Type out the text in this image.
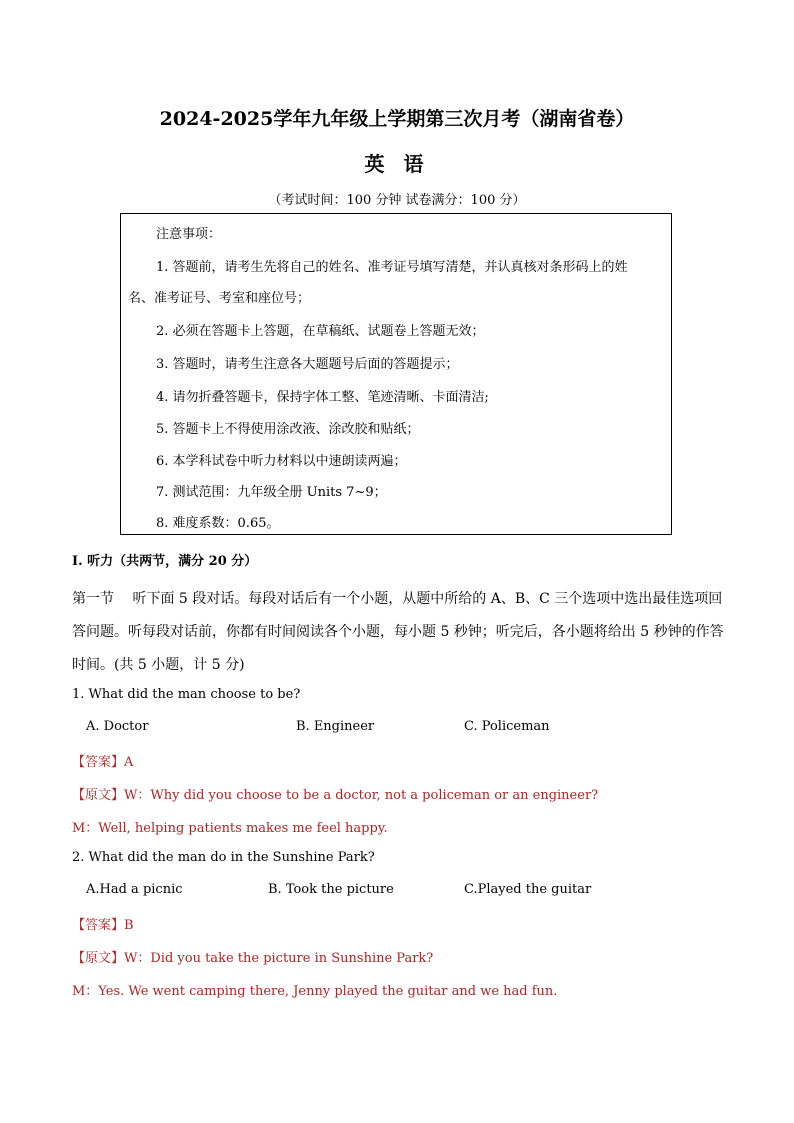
2024-2025学年九年级上学期第三次月考（湖南省卷）
英 语
（考试时间：100 分钟 试卷满分：100 分）
注意事项：
1. 答题前，请考生先将自己的姓名、准考证号填写清楚，并认真核对条形码上的姓
名、准考证号、考室和座位号；
2. 必须在答题卡上答题，在草稿纸、试题卷上答题无效；
3. 答题时，请考生注意各大题题号后面的答题提示；
4. 请勿折叠答题卡，保持字体工整、笔迹清晰、卡面清洁;
5. 答题卡上不得使用涂改液、涂改胶和贴纸；
6. 本学科试卷中听力材料以中速朗读两遍；
7. 测试范围：九年级全册 Units 7~9；
8. 难度系数：0.65。
I. 听力（共两节，满分 20 分）
第一节　 听下面 5 段对话。每段对话后有一个小题，从题中所给的 A、B、C 三个选项中选出最佳选项回
答问题。听每段对话前，你都有时间阅读各个小题，每小题 5 秒钟；听完后，各小题将给出 5 秒钟的作答
时间。(共 5 小题，计 5 分)
1. What did the man choose to be?
A. Doctor	B. Engineer	C. Policeman
【答案】A
【原文】W：Why did you choose to be a doctor, not a policeman or an engineer?
M：Well, helping patients makes me feel happy.
2. What did the man do in the Sunshine Park?
A.Had a picnic	B. Took the picture	C.Played the guitar
【答案】B
【原文】W：Did you take the picture in Sunshine Park?
M：Yes. We went camping there, Jenny played the guitar and we had fun.
